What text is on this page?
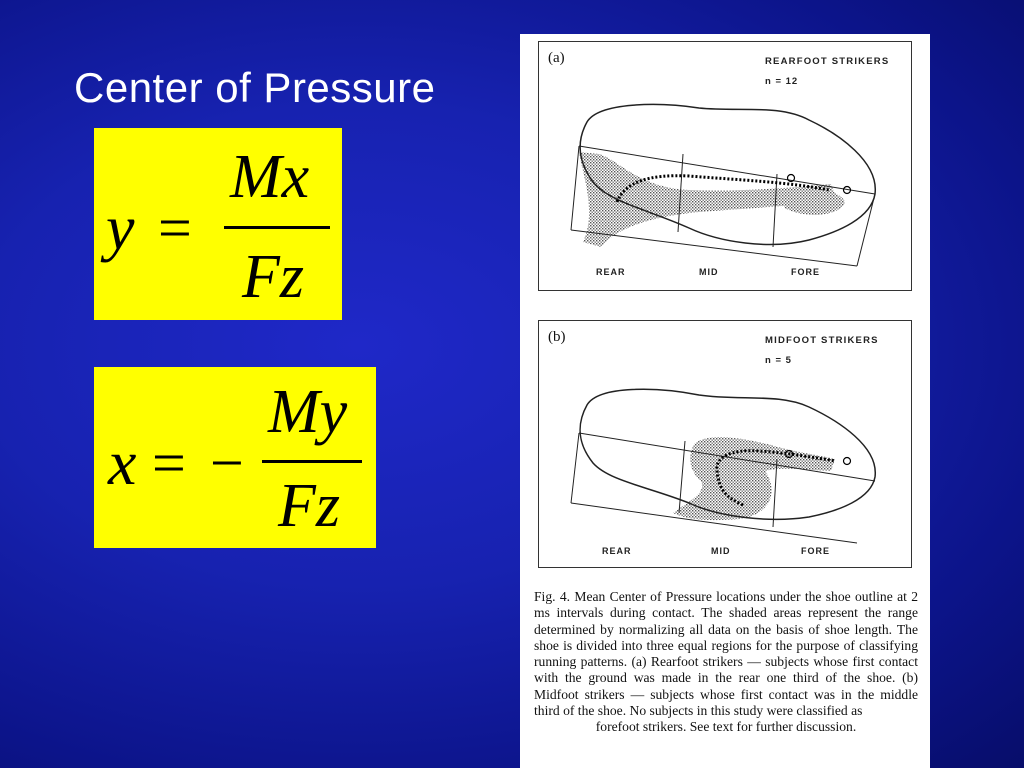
Center of Pressure
y =
Mx
Fz
x = −
My
Fz
(a)	REARFOOT STRIKERS
n = 12
REAR	MID	FORE
(b)	MIDFOOT STRIKERS
n = 5
REAR	MID	FORE
Fig. 4. Mean Center of Pressure locations under the shoe outline at 2 ms intervals during contact. The shaded areas represent the range determined by normalizing all data on the basis of shoe length. The shoe is divided into three equal regions for the purpose of classifying running patterns. (a) Rearfoot strikers — subjects whose first contact with the ground was made in the rear one third of the shoe. (b) Midfoot strikers — subjects whose first contact was in the middle third of the shoe. No subjects in this study were classified as
forefoot strikers. See text for further discussion.
